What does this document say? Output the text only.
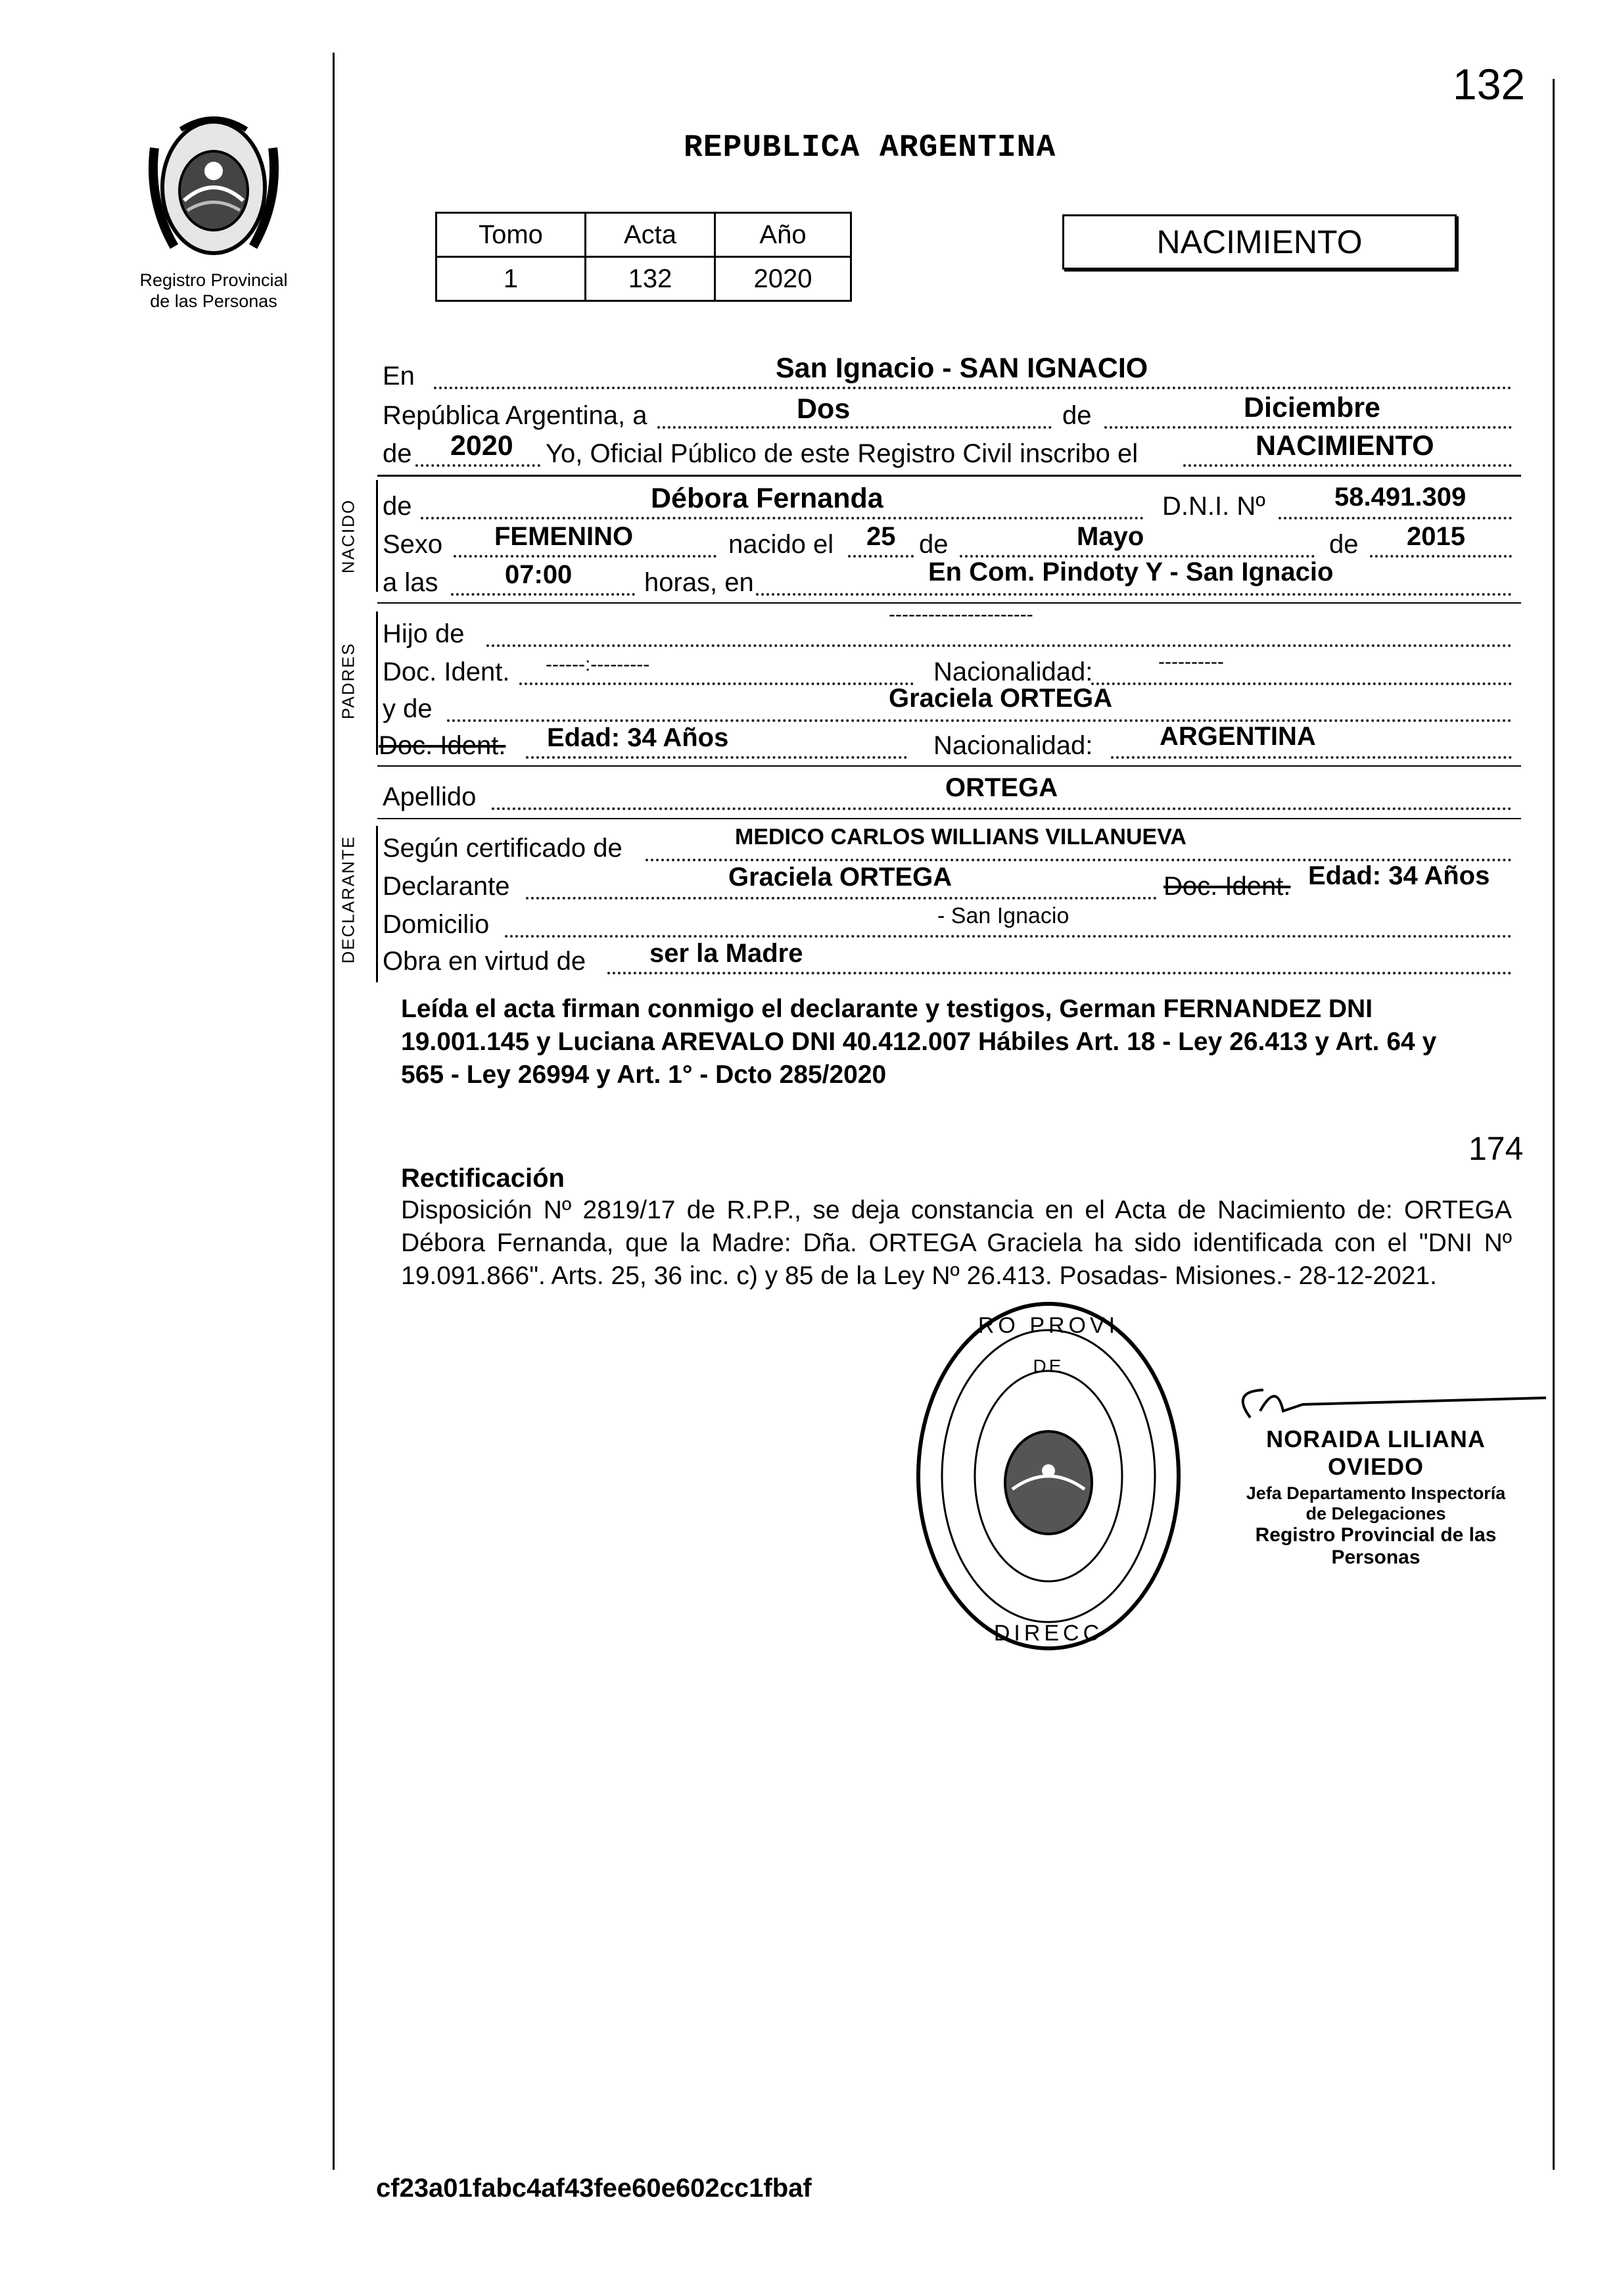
132
Registro Provincial
de las Personas
REPUBLICA ARGENTINA
Tomo	Acta	Año
1	132	2020
NACIMIENTO
En	San Ignacio - SAN IGNACIO
República Argentina, a	Dos	de	Diciembre
de 2020 Yo, Oficial Público de este Registro Civil inscribo el	NACIMIENTO
NACIDO de	Débora Fernanda	D.N.I. Nº	58.491.309
Sexo FEMENINO	nacido el 25 de	Mayo	de 2015
a las	07:00	horas, en	En Com. Pindoty Y - San Ignacio
PADRES
Hijo de
----------------------
Doc. Ident. ------:---------	Nacionalidad:	----------
y de	Graciela ORTEGA
Doc. Ident. Edad: 34 Años	Nacionalidad:	ARGENTINA
Apellido	ORTEGA
DECLARANTE Según certificado de	MEDICO CARLOS WILLIANS VILLANUEVA
Declarante	Graciela ORTEGA	Doc. Ident. Edad: 34 Años
Domicilio	- San Ignacio
Obra en virtud de ser la Madre
Leída el acta firman conmigo el declarante y testigos, German FERNANDEZ DNI 19.001.145 y Luciana AREVALO DNI 40.412.007 Hábiles Art. 18 - Ley 26.413 y Art. 64 y 565 - Ley 26994 y Art. 1° - Dcto 285/2020
174
Rectificación
Disposición Nº 2819/17 de R.P.P., se deja constancia en el Acta de Nacimiento de: ORTEGA Débora Fernanda, que la Madre: Dña. ORTEGA Graciela ha sido identificada con el "DNI Nº 19.091.866". Arts. 25, 36 inc. c) y 85 de la Ley Nº 26.413. Posadas- Misiones.- 28-12-2021.
RO PROVI
DIRECC
DE
NORAIDA LILIANA OVIEDO
Jefa Departamento Inspectoría
de Delegaciones
Registro Provincial de las Personas
cf23a01fabc4af43fee60e602cc1fbaf
